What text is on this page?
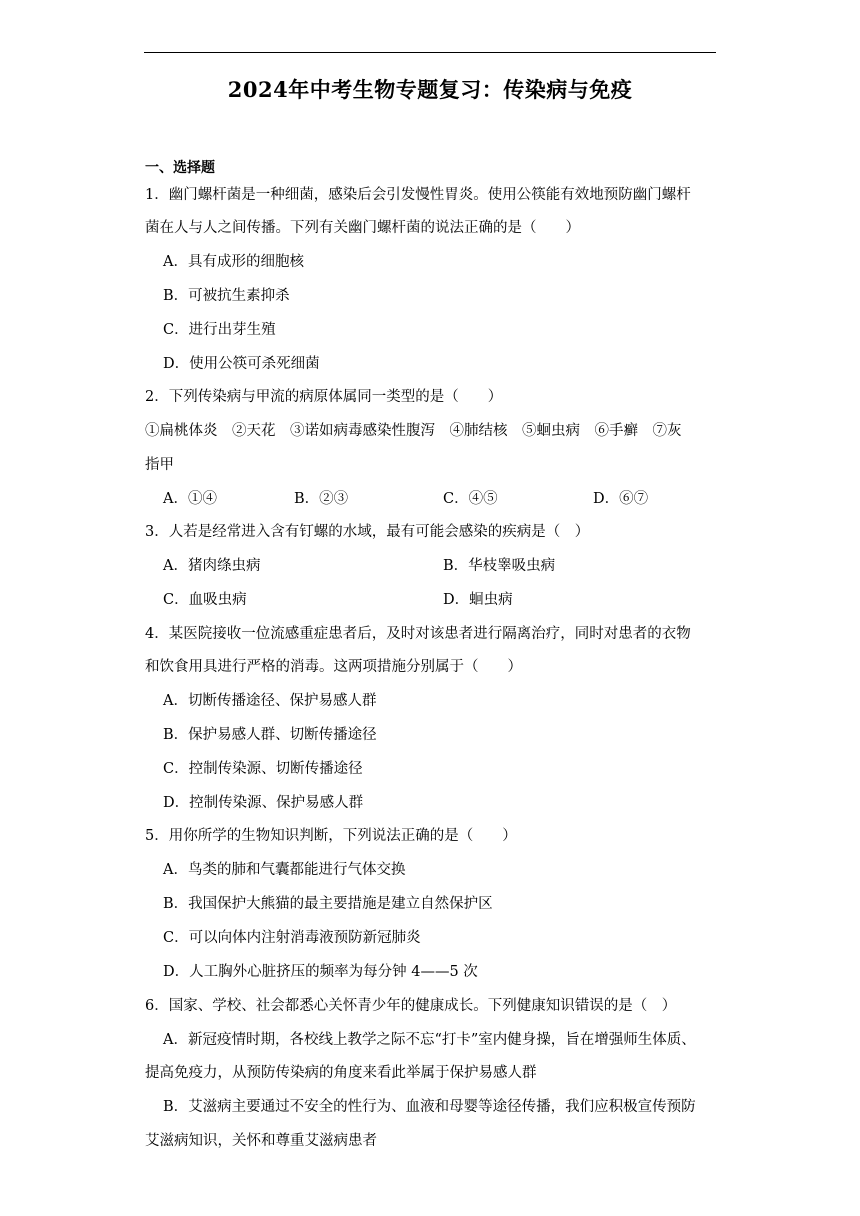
2024年中考生物专题复习：传染病与免疫
一、选择题
1．幽门螺杆菌是一种细菌，感染后会引发慢性胃炎。使用公筷能有效地预防幽门螺杆
菌在人与人之间传播。下列有关幽门螺杆菌的说法正确的是（　　）
A．具有成形的细胞核
B．可被抗生素抑杀
C．进行出芽生殖
D．使用公筷可杀死细菌
2．下列传染病与甲流的病原体属同一类型的是（　　）
①扁桃体炎　②天花　③诺如病毒感染性腹泻　④肺结核　⑤蛔虫病　⑥手癣　⑦灰
指甲
A．①④	B．②③	C．④⑤	D．⑥⑦
3．人若是经常进入含有钉螺的水域，最有可能会感染的疾病是（　）
A．猪肉绦虫病	B．华枝睾吸虫病
C．血吸虫病	D．蛔虫病
4．某医院接收一位流感重症患者后，及时对该患者进行隔离治疗，同时对患者的衣物
和饮食用具进行严格的消毒。这两项措施分别属于（　　）
A．切断传播途径、保护易感人群
B．保护易感人群、切断传播途径
C．控制传染源、切断传播途径
D．控制传染源、保护易感人群
5．用你所学的生物知识判断，下列说法正确的是（　　）
A．鸟类的肺和气囊都能进行气体交换
B．我国保护大熊猫的最主要措施是建立自然保护区
C．可以向体内注射消毒液预防新冠肺炎
D．人工胸外心脏挤压的频率为每分钟 4——5 次
6．国家、学校、社会都悉心关怀青少年的健康成长。下列健康知识错误的是（　）
A．新冠疫情时期，各校线上教学之际不忘“打卡”室内健身操，旨在增强师生体质、
提高免疫力，从预防传染病的角度来看此举属于保护易感人群
B．艾滋病主要通过不安全的性行为、血液和母婴等途径传播，我们应积极宣传预防
艾滋病知识，关怀和尊重艾滋病患者
